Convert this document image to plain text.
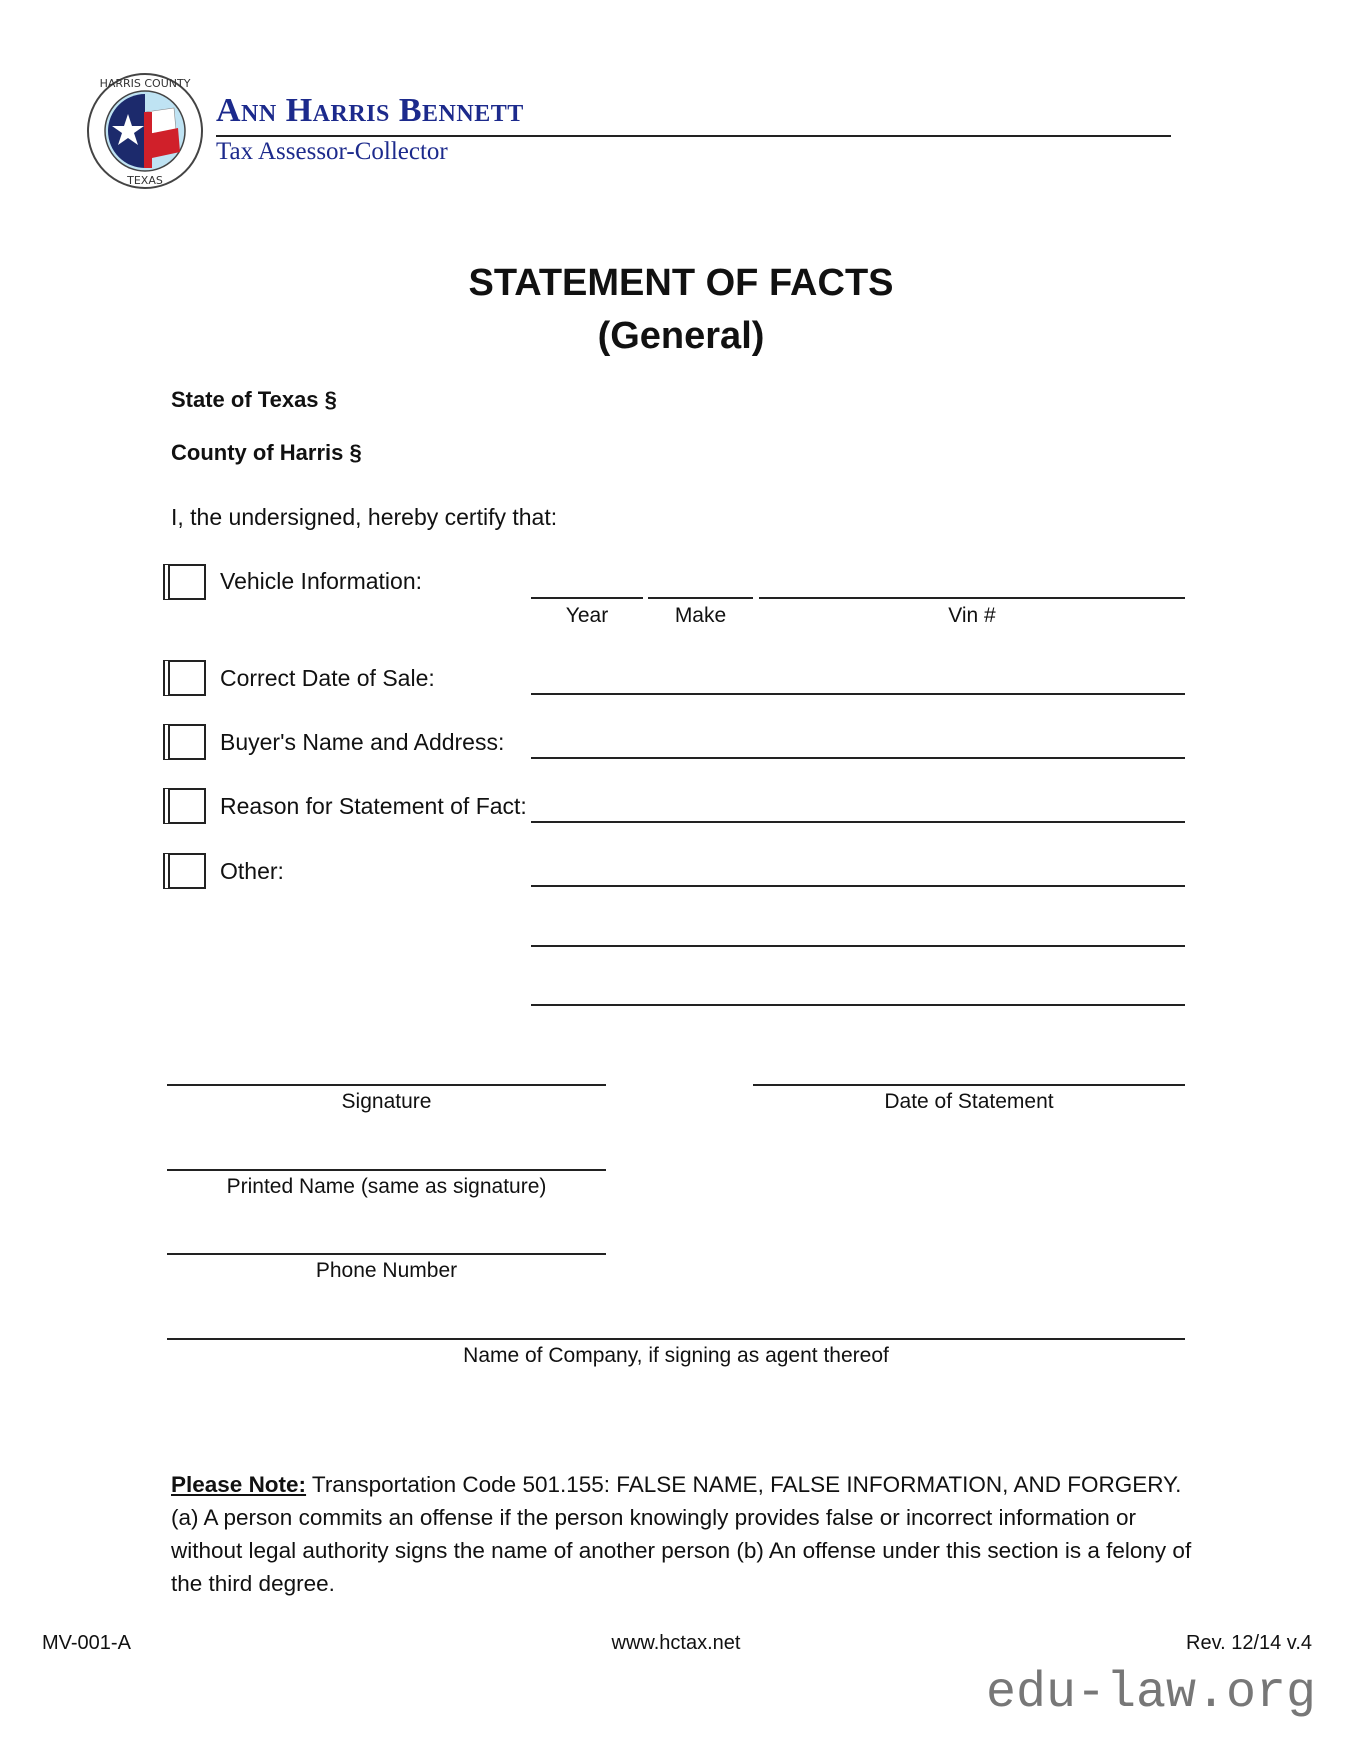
HARRIS COUNTY
TEXAS
Ann Harris Bennett
Tax Assessor-Collector
STATEMENT OF FACTS
(General)
State of Texas §
County of Harris §
I, the undersigned, hereby certify that:
Vehicle Information:
Year	Make	Vin #
Correct Date of Sale:
Buyer's Name and Address:
Reason for Statement of Fact:
Other:
Signature	Date of Statement
Printed Name (same as signature)
Phone Number
Name of Company, if signing as agent thereof
Please Note: Transportation Code 501.155: FALSE NAME, FALSE INFORMATION, AND FORGERY. (a) A person commits an offense if the person knowingly provides false or incorrect information or without legal authority signs the name of another person (b) An offense under this section is a felony of the third degree.
MV-001-A	www.hctax.net	Rev. 12/14 v.4
edu-law.org
